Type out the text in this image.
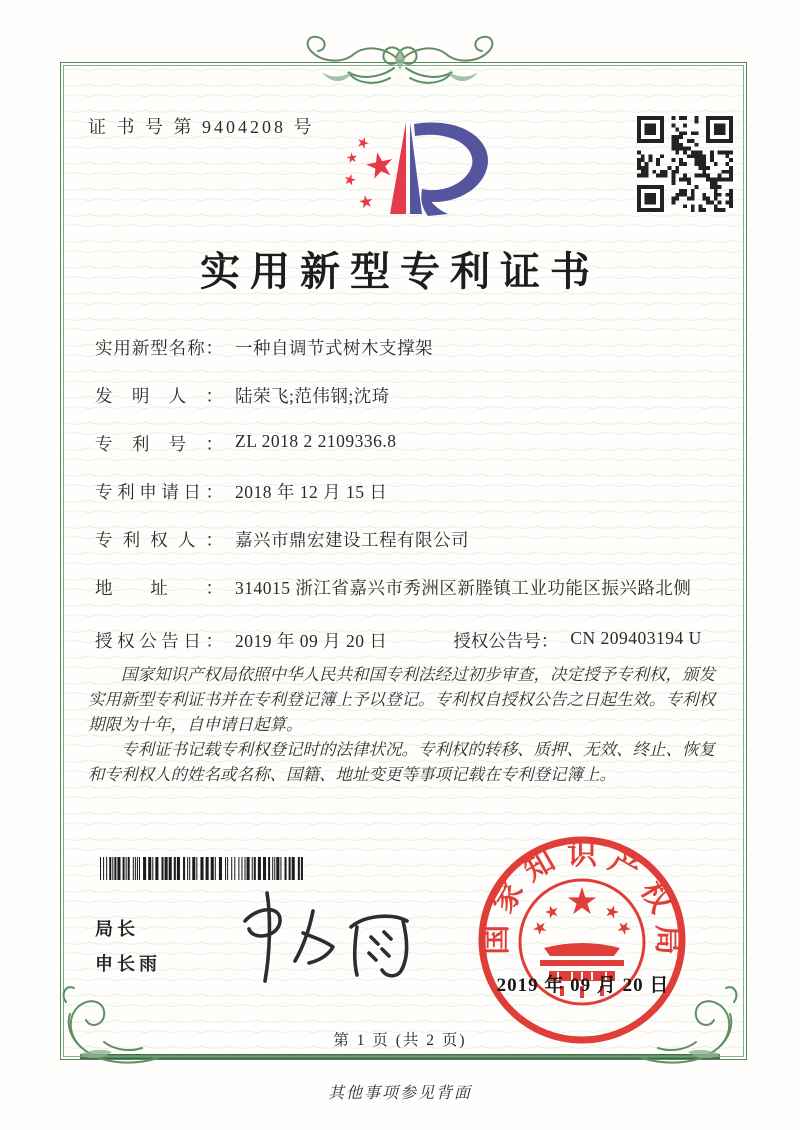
证 书 号 第 9404208 号
实用新型专利证书
实用新型名称： 一种自调节式树木支撑架
发明人： 陆荣飞;范伟钢;沈琦
专利号： ZL 2018 2 2109336.8
专利申请日： 2018 年 12 月 15 日
专利权人： 嘉兴市鼎宏建设工程有限公司
地址： 314015 浙江省嘉兴市秀洲区新塍镇工业功能区振兴路北侧
授权公告日： 2019 年 09 月 20 日	授权公告号： CN 209403194 U

国家知识产权局依照中华人民共和国专利法经过初步审查，决定授予专利权，颁发实用新型专利证书并在专利登记簿上予以登记。专利权自授权公告之日起生效。专利权期限为十年，自申请日起算。

专利证书记载专利权登记时的法律状况。专利权的转移、质押、无效、终止、恢复和专利权人的姓名或名称、国籍、地址变更等事项记载在专利登记簿上。

局长
申长雨
国家知识产权局
2019 年 09 月 20 日
第 1 页 (共 2 页)
其他事项参见背面
